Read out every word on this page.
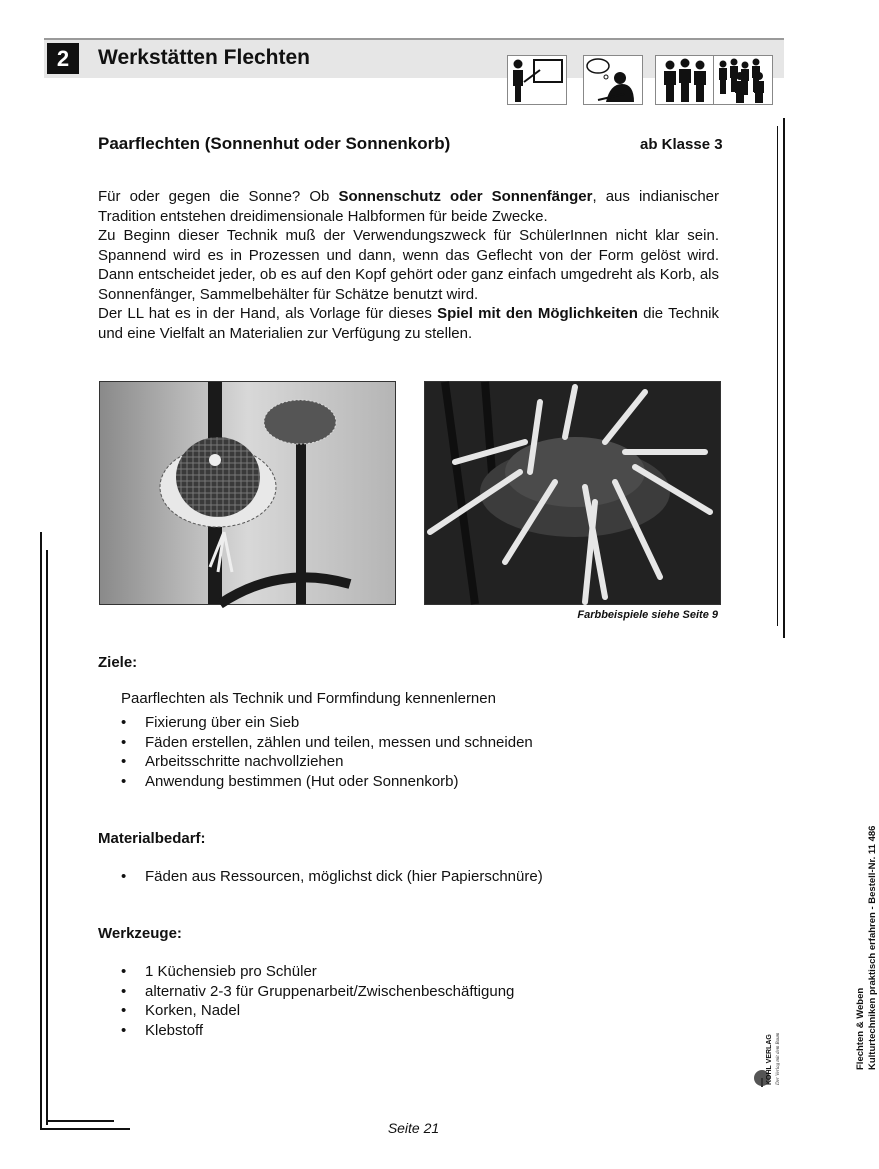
2	Werkstätten Flechten
Paarflechten (Sonnenhut oder Sonnenkorb)	ab Klasse 3

Für oder gegen die Sonne? Ob Sonnenschutz oder Sonnenfänger, aus indianischer Tradition entstehen dreidimensionale Halbformen für beide Zwecke.

Zu Beginn dieser Technik muß der Verwendungszweck für SchülerInnen nicht klar sein. Spannend wird es in Prozessen und dann, wenn das Geflecht von der Form gelöst wird. Dann entscheidet jeder, ob es auf den Kopf gehört oder ganz einfach umgedreht als Korb, als Sonnenfänger, Sammelbehälter für Schätze benutzt wird.

Der LL hat es in der Hand, als Vorlage für dieses Spiel mit den Möglichkeiten die Technik und eine Vielfalt an Materialien zur Verfügung zu stellen.

Farbbeispiele siehe Seite 9
Ziele:
Paarflechten als Technik und Formfindung kennenlernen
• Fixierung über ein Sieb
• Fäden erstellen, zählen und teilen, messen und schneiden
• Arbeitsschritte nachvollziehen
• Anwendung bestimmen (Hut oder Sonnenkorb)
Materialbedarf:
• Fäden aus Ressourcen, möglichst dick (hier Papierschnüre)
Werkzeuge:
• 1 Küchensieb pro Schüler
• alternativ 2-3 für Gruppenarbeit/Zwischenbeschäftigung
• Korken, Nadel
• Klebstoff	Flechten & Weben Kulturtechniken praktisch erfahren - Bestell-Nr. 11 486
KOHL VERLAG Der Verlag mit dem Baum
Seite 21
